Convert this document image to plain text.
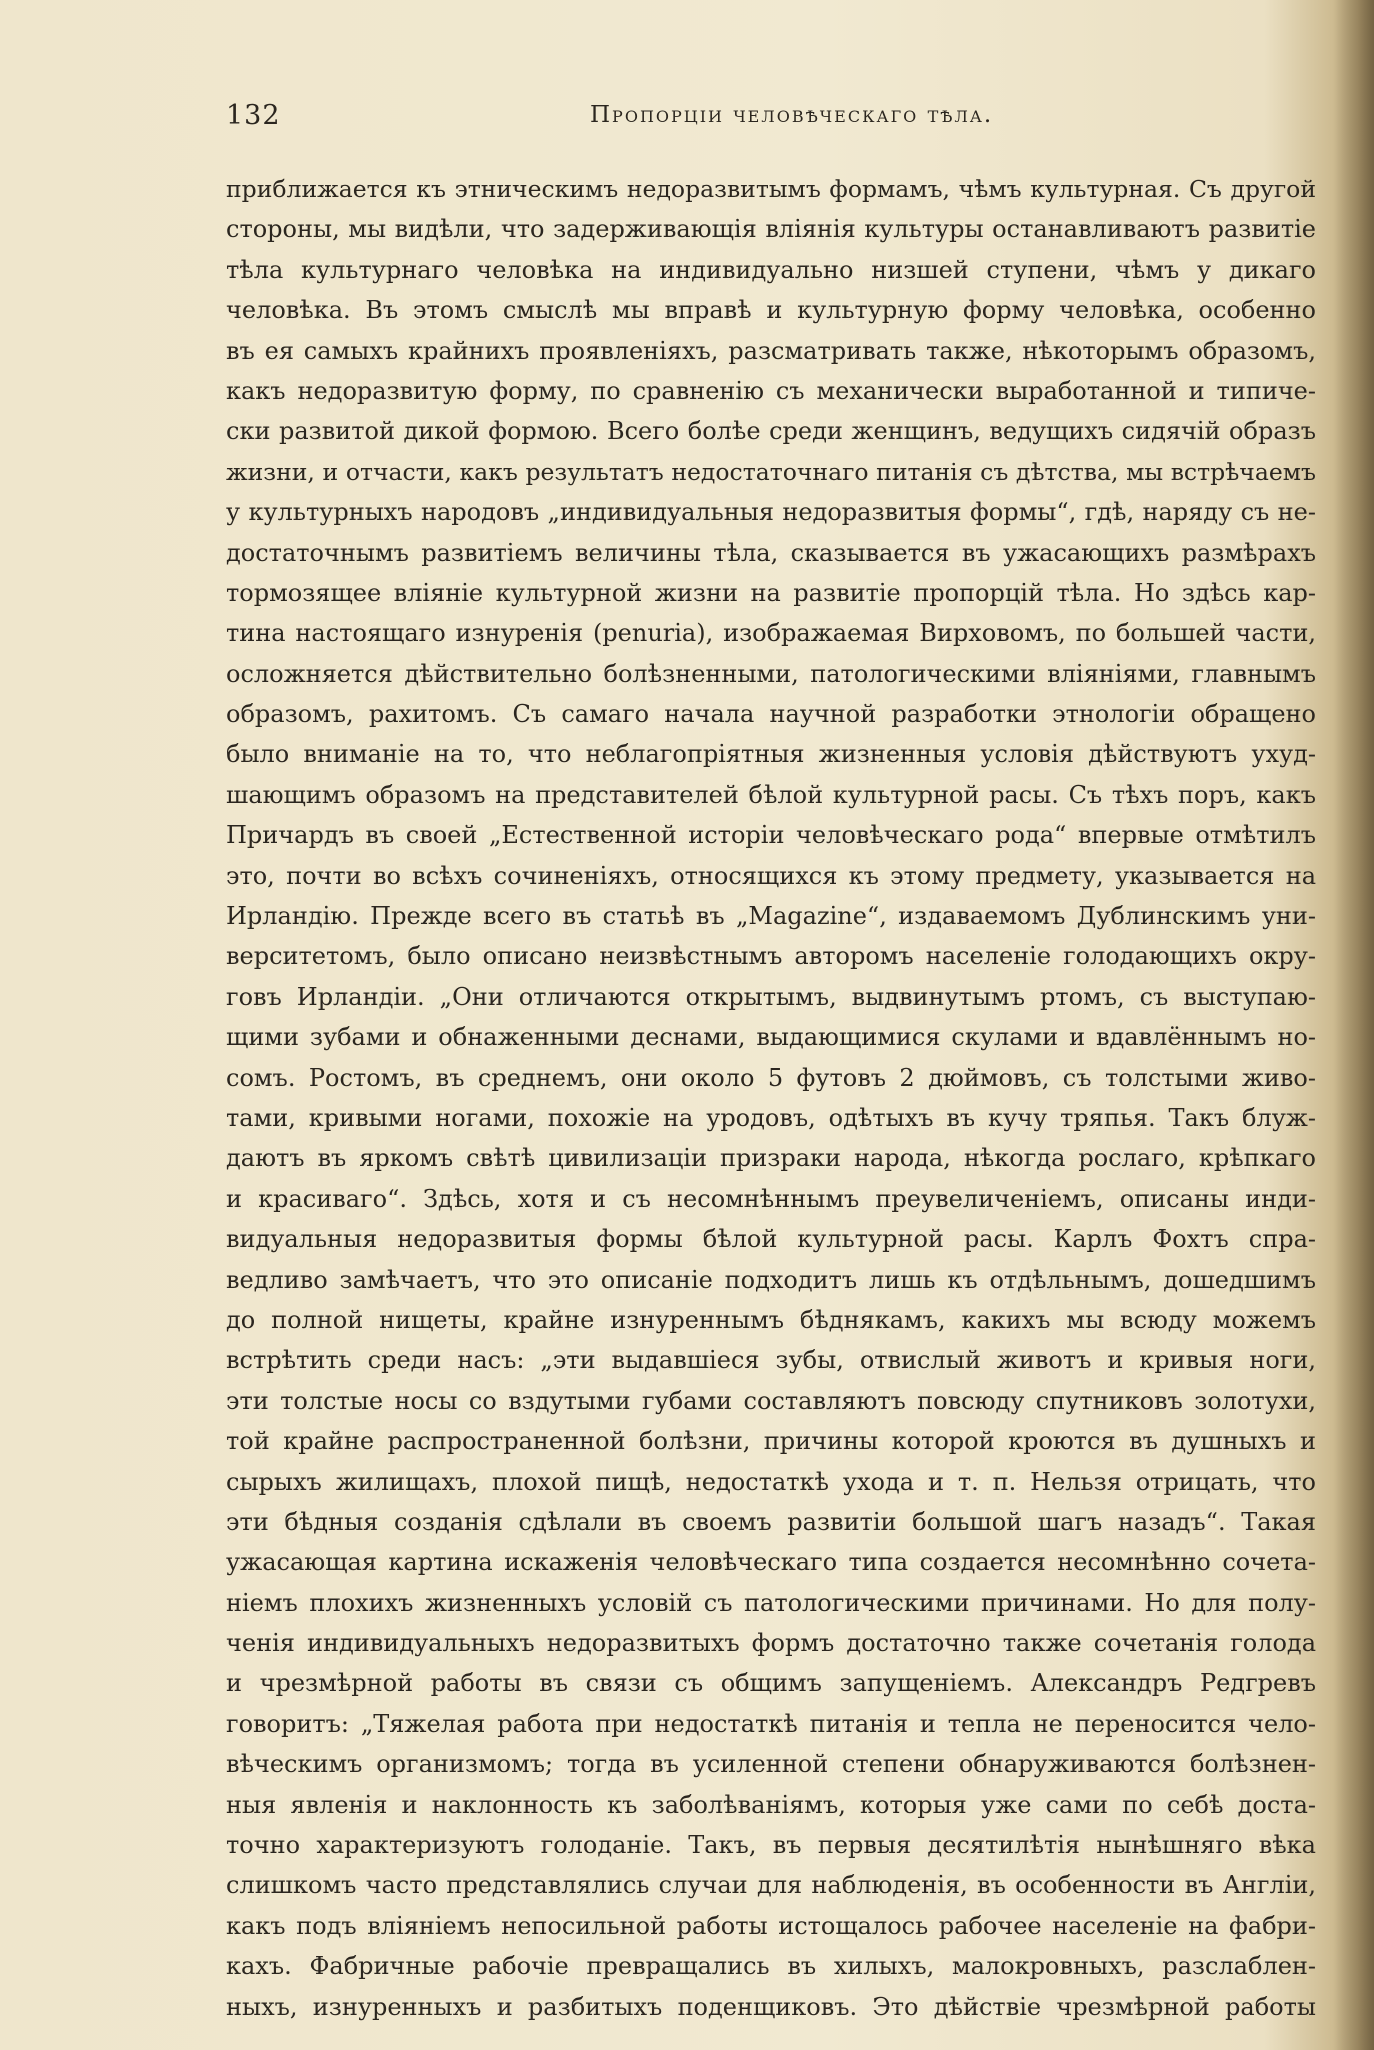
132	Пропорціи человѣческаго тѣла.
приближается къ этническимъ недоразвитымъ формамъ, чѣмъ культурная. Съ другой
стороны, мы видѣли, что задерживающія вліянія культуры останавливаютъ развитіе
тѣла культурнаго человѣка на индивидуально низшей ступени, чѣмъ у дикаго
человѣка. Въ этомъ смыслѣ мы вправѣ и культурную форму человѣка, особенно
въ ея самыхъ крайнихъ проявленіяхъ, разсматривать также, нѣкоторымъ образомъ,
какъ недоразвитую форму, по сравненію съ механически выработанной и типиче-
ски развитой дикой формою. Всего болѣе среди женщинъ, ведущихъ сидячій образъ
жизни, и отчасти, какъ результатъ недостаточнаго питанія съ дѣтства, мы встрѣчаемъ
у культурныхъ народовъ „индивидуальныя недоразвитыя формы“, гдѣ, наряду съ не-
достаточнымъ развитіемъ величины тѣла, сказывается въ ужасающихъ размѣрахъ
тормозящее вліяніе культурной жизни на развитіе пропорцій тѣла. Но здѣсь кар-
тина настоящаго изнуренія (penuria), изображаемая Вирховомъ, по большей части,
осложняется дѣйствительно болѣзненными, патологическими вліяніями, главнымъ
образомъ, рахитомъ. Съ самаго начала научной разработки этнологіи обращено
было вниманіе на то, что неблагопріятныя жизненныя условія дѣйствуютъ ухуд-
шающимъ образомъ на представителей бѣлой культурной расы. Съ тѣхъ поръ, какъ
Причардъ въ своей „Естественной исторіи человѣческаго рода“ впервые отмѣтилъ
это, почти во всѣхъ сочиненіяхъ, относящихся къ этому предмету, указывается на
Ирландію. Прежде всего въ статьѣ въ „Magazine“, издаваемомъ Дублинскимъ уни-
верситетомъ, было описано неизвѣстнымъ авторомъ населеніе голодающихъ окру-
говъ Ирландіи. „Они отличаются открытымъ, выдвинутымъ ртомъ, съ выступаю-
щими зубами и обнаженными деснами, выдающимися скулами и вдавлённымъ но-
сомъ. Ростомъ, въ среднемъ, они около 5 футовъ 2 дюймовъ, съ толстыми живо-
тами, кривыми ногами, похожіе на уродовъ, одѣтыхъ въ кучу тряпья. Такъ блуж-
даютъ въ яркомъ свѣтѣ цивилизаціи призраки народа, нѣкогда рослаго, крѣпкаго
и красиваго“. Здѣсь, хотя и съ несомнѣннымъ преувеличеніемъ, описаны инди-
видуальныя недоразвитыя формы бѣлой культурной расы. Карлъ Фохтъ спра-
ведливо замѣчаетъ, что это описаніе подходитъ лишь къ отдѣльнымъ, дошедшимъ
до полной нищеты, крайне изнуреннымъ бѣднякамъ, какихъ мы всюду можемъ
встрѣтить среди насъ: „эти выдавшіеся зубы, отвислый животъ и кривыя ноги,
эти толстые носы со вздутыми губами составляютъ повсюду спутниковъ золотухи,
той крайне распространенной болѣзни, причины которой кроются въ душныхъ и
сырыхъ жилищахъ, плохой пищѣ, недостаткѣ ухода и т. п. Нельзя отрицать, что
эти бѣдныя созданія сдѣлали въ своемъ развитіи большой шагъ назадъ“. Такая
ужасающая картина искаженія человѣческаго типа создается несомнѣнно сочета-
ніемъ плохихъ жизненныхъ условій съ патологическими причинами. Но для полу-
ченія индивидуальныхъ недоразвитыхъ формъ достаточно также сочетанія голода
и чрезмѣрной работы въ связи съ общимъ запущеніемъ. Александръ Редгревъ
говоритъ: „Тяжелая работа при недостаткѣ питанія и тепла не переносится чело-
вѣческимъ организмомъ; тогда въ усиленной степени обнаруживаются болѣзнен-
ныя явленія и наклонность къ заболѣваніямъ, которыя уже сами по себѣ доста-
точно характеризуютъ голоданіе. Такъ, въ первыя десятилѣтія нынѣшняго вѣка
слишкомъ часто представлялись случаи для наблюденія, въ особенности въ Англіи,
какъ подъ вліяніемъ непосильной работы истощалось рабочее населеніе на фабри-
кахъ. Фабричные рабочіе превращались въ хилыхъ, малокровныхъ, разслаблен-
ныхъ, изнуренныхъ и разбитыхъ поденщиковъ. Это дѣйствіе чрезмѣрной работы
